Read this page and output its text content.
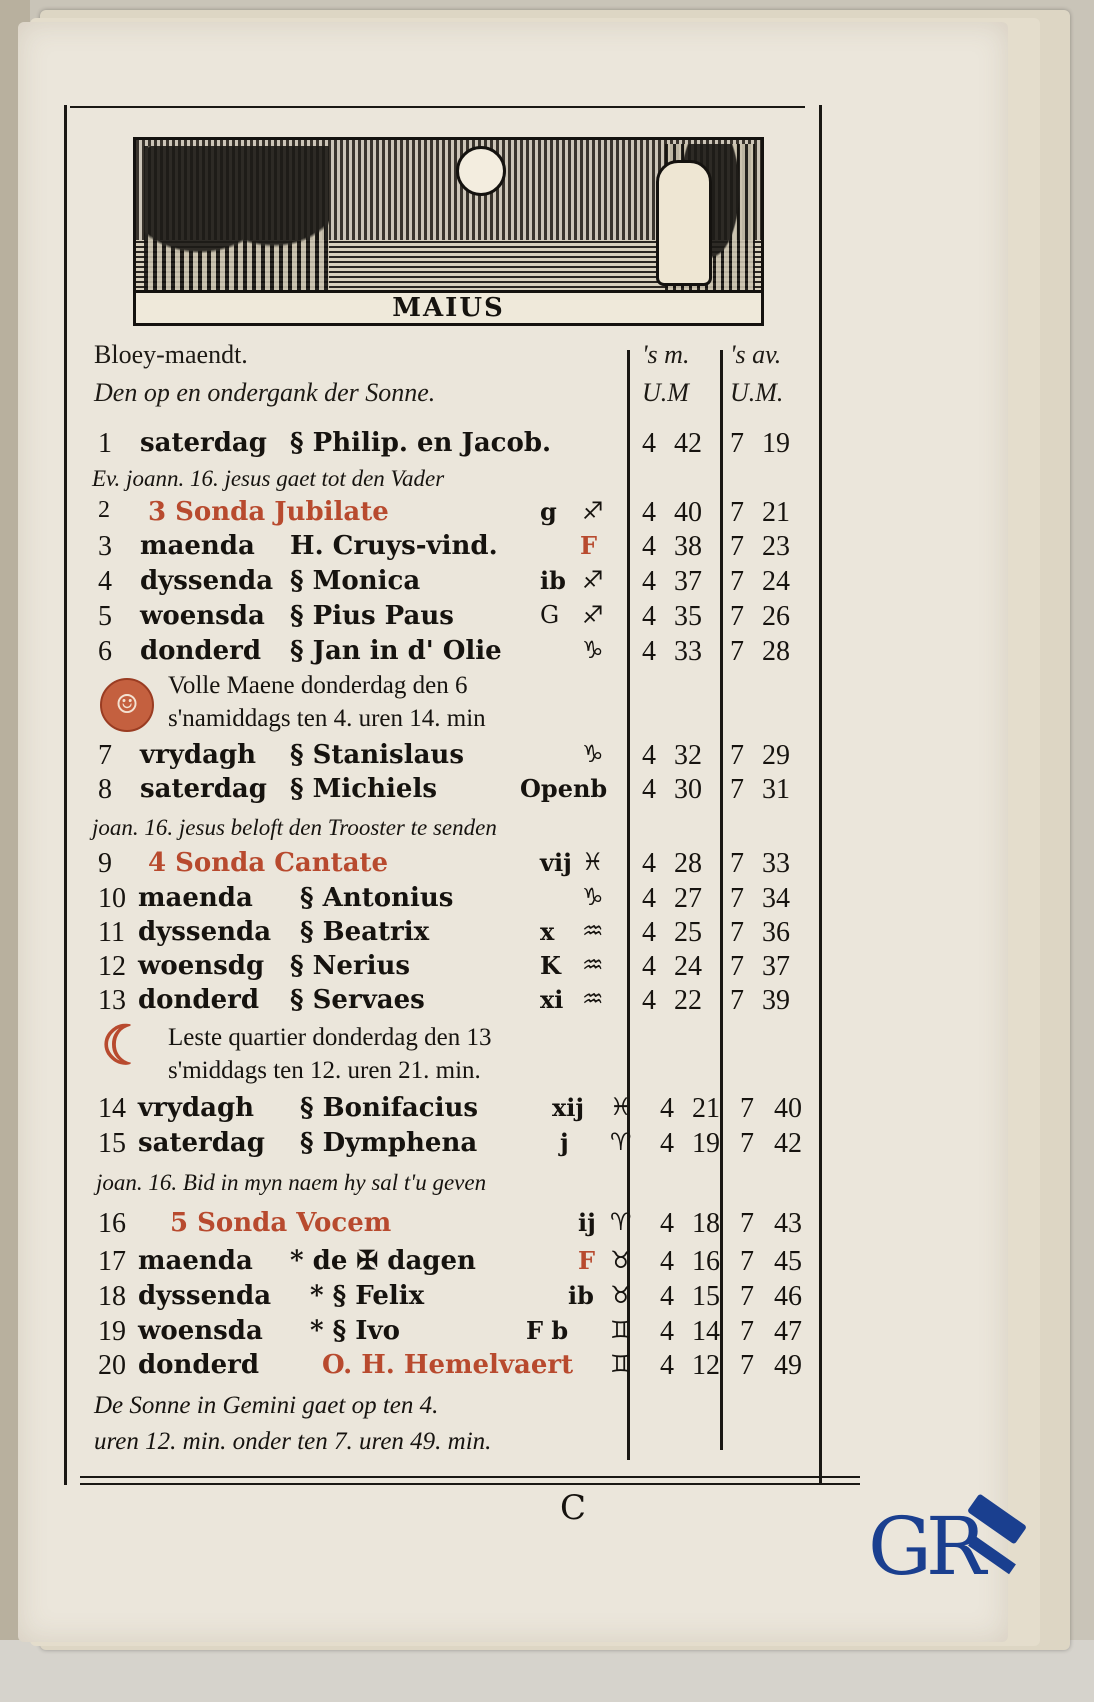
MAIUS
Bloey-maendt.
Den op en ondergank der Sonne.
's m.
U.M
's av.
U.M.
1 saterdag § Philip. en Jacob.	4 42 7 19
Ev. joann. 16. jesus gaet tot den Vader
2 3 Sonda Jubilate	g ♐ 4 40 7 21
3 maenda H. Cruys-vind.	F 4 38 7 23
4 dyssenda § Monica	ib ♐ 4 37 7 24
5 woensda § Pius Paus	G ♐ 4 35 7 26
6 donderd § Jan in d' Olie	♑ 4 33 7 28
☺
Volle Maene donderdag den 6
s'namiddags ten 4. uren 14. min
7 vrydagh § Stanislaus	♑ 4 32 7 29
8 saterdag § Michiels	Openb 4 30 7 31
joan. 16. jesus beloft den Trooster te senden
9 4 Sonda Cantate	vij ♓ 4 28 7 33
10 maenda § Antonius	♑ 4 27 7 34
11 dyssenda § Beatrix	x ♒ 4 25 7 36
12 woensdg § Nerius	K ♒ 4 24 7 37
13 donderd § Servaes	xi ♒ 4 22 7 39
☾ Leste quartier donderdag den 13
s'middags ten 12. uren 21. min.
14 vrydagh § Bonifacius	xij ♓ 4 21 7 40
15 saterdag § Dymphena	j ♈ 4 19 7 42
joan. 16. Bid in myn naem hy sal t'u geven
16 5 Sonda Vocem	ij ♈ 4 18 7 43
17 maenda * de ✠ dagen	F ♉ 4 16 7 45
18 dyssenda * § Felix	ib ♉ 4 15 7 46
19 woensda * § Ivo	F b ♊ 4 14 7 47
20 donderd O. H. Hemelvaert ♊ 4 12 7 49
De Sonne in Gemini gaet op ten 4.
uren 12. min. onder ten 7. uren 49. min.
C	GR
